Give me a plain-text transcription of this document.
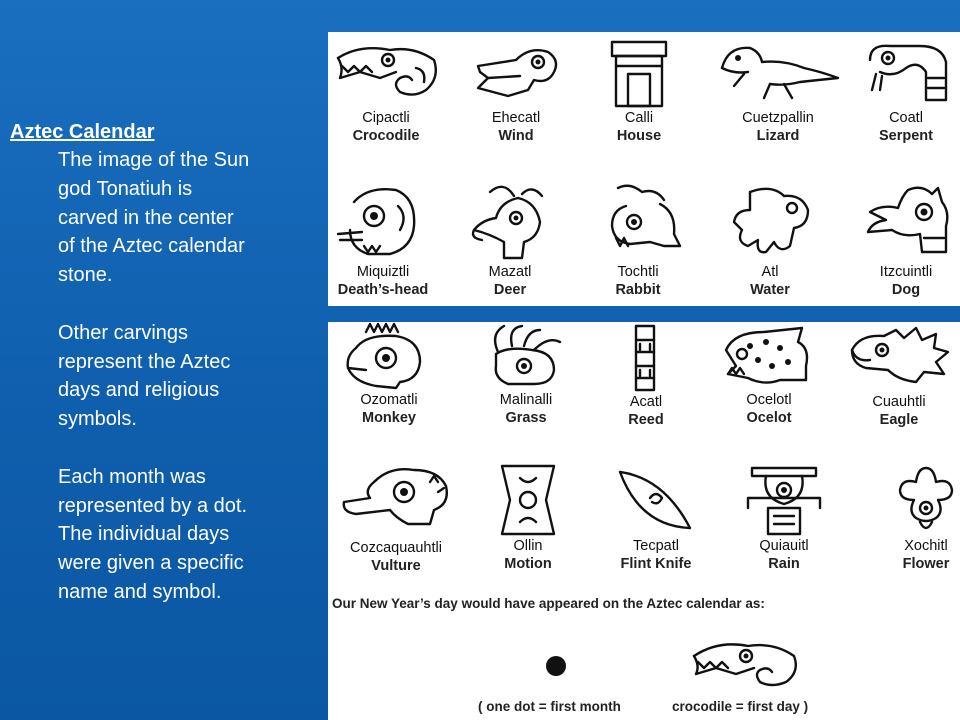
Aztec Calendar
The image of the Sun
god Tonatiuh is
carved in the center
of the Aztec calendar
stone.
Other carvings
represent the Aztec
days and religious
symbols.
Each month was
represented by a dot.
The individual days
were given a specific
name and symbol.
Cipactli
Crocodile
Ehecatl
Wind
Calli
House
Cuetzpallin
Lizard
Coatl
Serpent
Miquiztli
Death’s-head
Mazatl
Deer
Tochtli
Rabbit
Atl
Water
Itzcuintli
Dog
Ozomatli
Monkey
Malinalli
Grass
Acatl
Reed
Ocelotl
Ocelot
Cuauhtli
Eagle
Cozcaquauhtli
Vulture
Ollin
Motion
Tecpatl
Flint Knife
Quiauitl
Rain
Xochitl
Flower
Our New Year’s day would have appeared on the Aztec calendar as:
( one dot = first month	crocodile = first day )
